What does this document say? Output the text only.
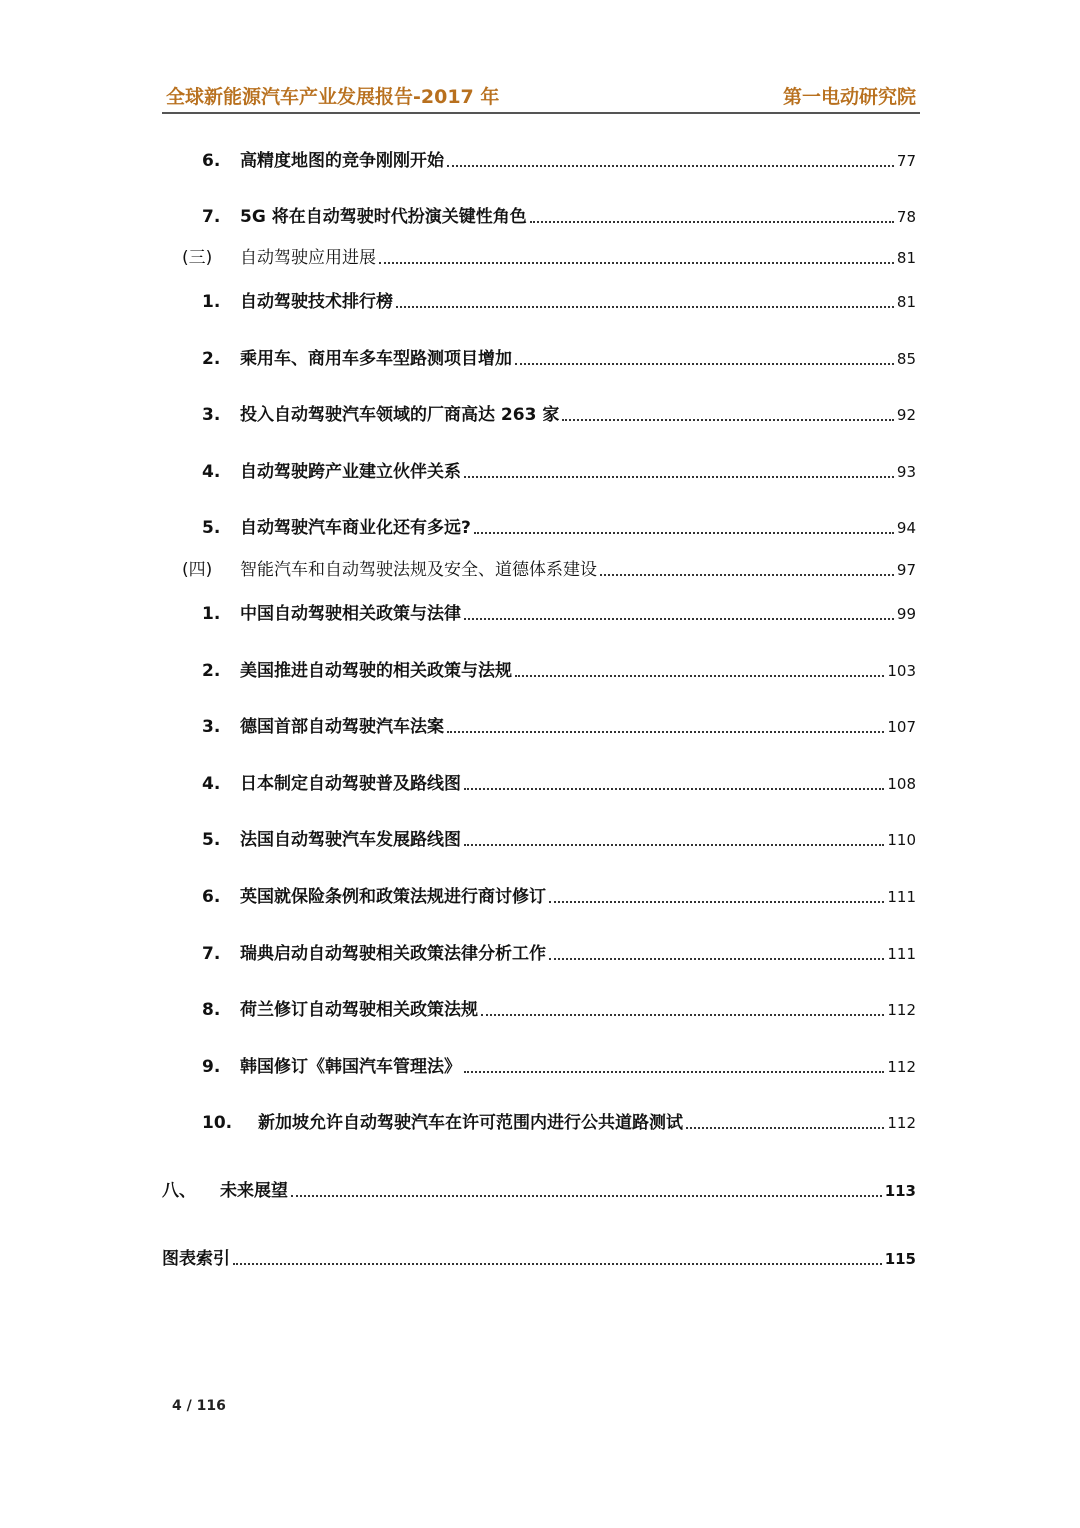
全球新能源汽车产业发展报告-2017 年	第一电动研究院
6.	高精度地图的竞争刚刚开始	77
7.	5G 将在自动驾驶时代扮演关键性角色	78
(三)	自动驾驶应用进展	81
1.	自动驾驶技术排行榜	81
2.	乘用车、商用车多车型路测项目增加	85
3.	投入自动驾驶汽车领域的厂商高达 263 家	92
4.	自动驾驶跨产业建立伙伴关系	93
5.	自动驾驶汽车商业化还有多远?	94
(四)	智能汽车和自动驾驶法规及安全、道德体系建设	97
1.	中国自动驾驶相关政策与法律	99
2.	美国推进自动驾驶的相关政策与法规	103
3.	德国首部自动驾驶汽车法案	107
4.	日本制定自动驾驶普及路线图	108
5.	法国自动驾驶汽车发展路线图	110
6.	英国就保险条例和政策法规进行商讨修订	111
7.	瑞典启动自动驾驶相关政策法律分析工作	111
8.	荷兰修订自动驾驶相关政策法规	112
9.	韩国修订《韩国汽车管理法》	112
10.	新加坡允许自动驾驶汽车在许可范围内进行公共道路测试	112
八、	未来展望	113
图表索引	115
4 / 116
